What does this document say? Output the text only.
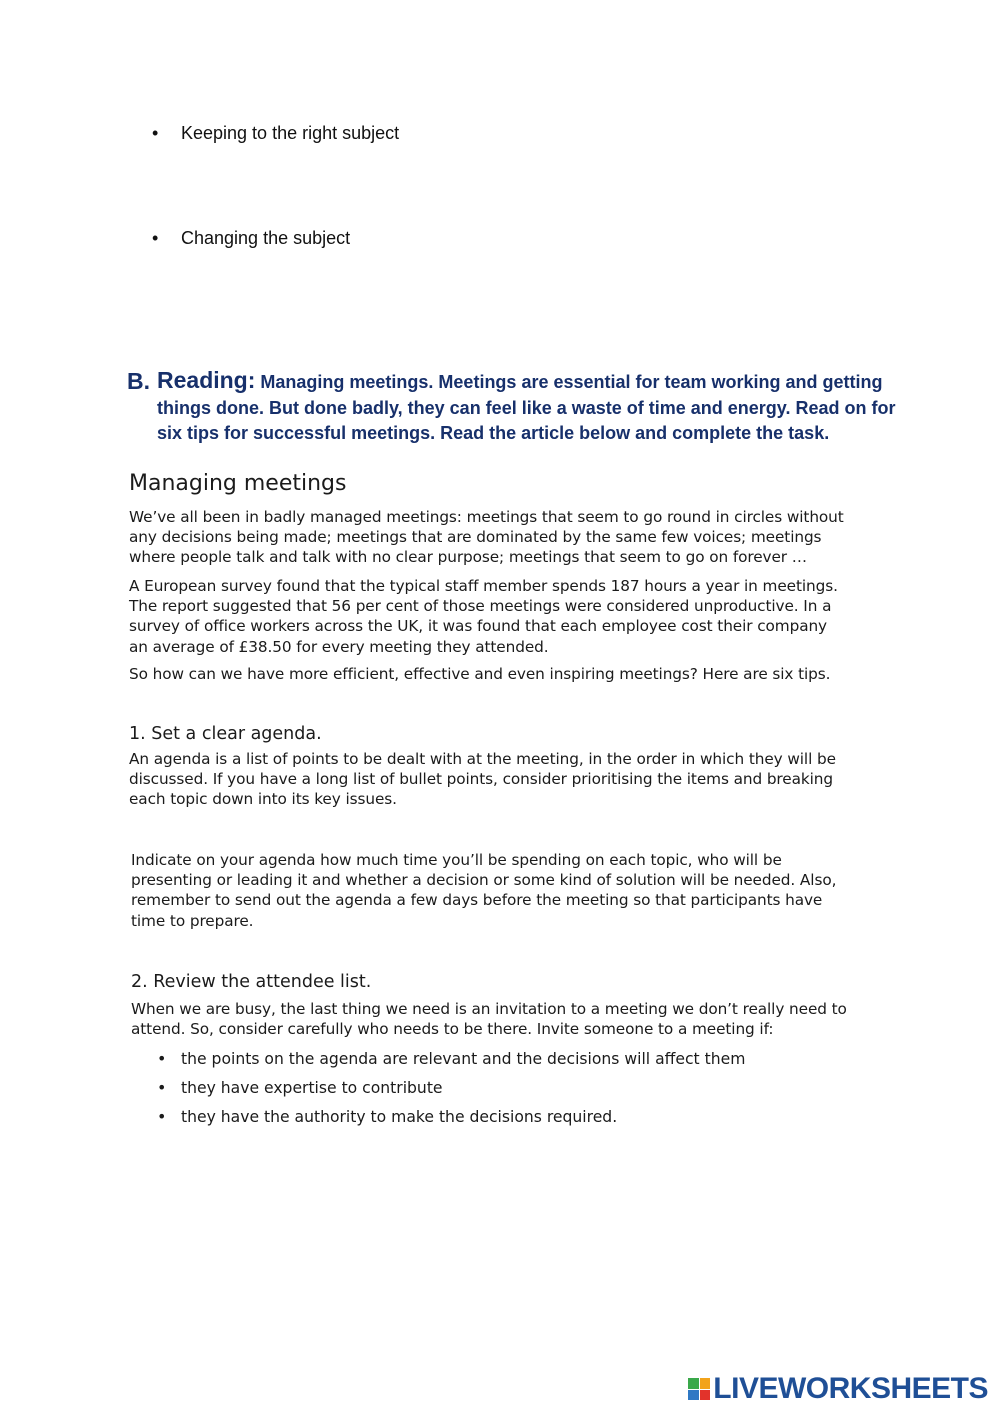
• Keeping to the right subject
• Changing the subject
B. Reading: Managing meetings. Meetings are essential for team working and getting things done. But done badly, they can feel like a waste of time and energy. Read on for six tips for successful meetings. Read the article below and complete the task.
Managing meetings
We’ve all been in badly managed meetings: meetings that seem to go round in circles without any decisions being made; meetings that are dominated by the same few voices; meetings where people talk and talk with no clear purpose; meetings that seem to go on forever …
A European survey found that the typical staff member spends 187 hours a year in meetings. The report suggested that 56 per cent of those meetings were considered unproductive. In a survey of office workers across the UK, it was found that each employee cost their company an average of £38.50 for every meeting they attended.
So how can we have more efficient, effective and even inspiring meetings? Here are six tips.
1. Set a clear agenda.
An agenda is a list of points to be dealt with at the meeting, in the order in which they will be discussed. If you have a long list of bullet points, consider prioritising the items and breaking each topic down into its key issues.
Indicate on your agenda how much time you’ll be spending on each topic, who will be presenting or leading it and whether a decision or some kind of solution will be needed. Also, remember to send out the agenda a few days before the meeting so that participants have time to prepare.
2. Review the attendee list.
When we are busy, the last thing we need is an invitation to a meeting we don’t really need to attend. So, consider carefully who needs to be there. Invite someone to a meeting if:
• the points on the agenda are relevant and the decisions will affect them
• they have expertise to contribute
• they have the authority to make the decisions required.
LIVEWORKSHEETS
